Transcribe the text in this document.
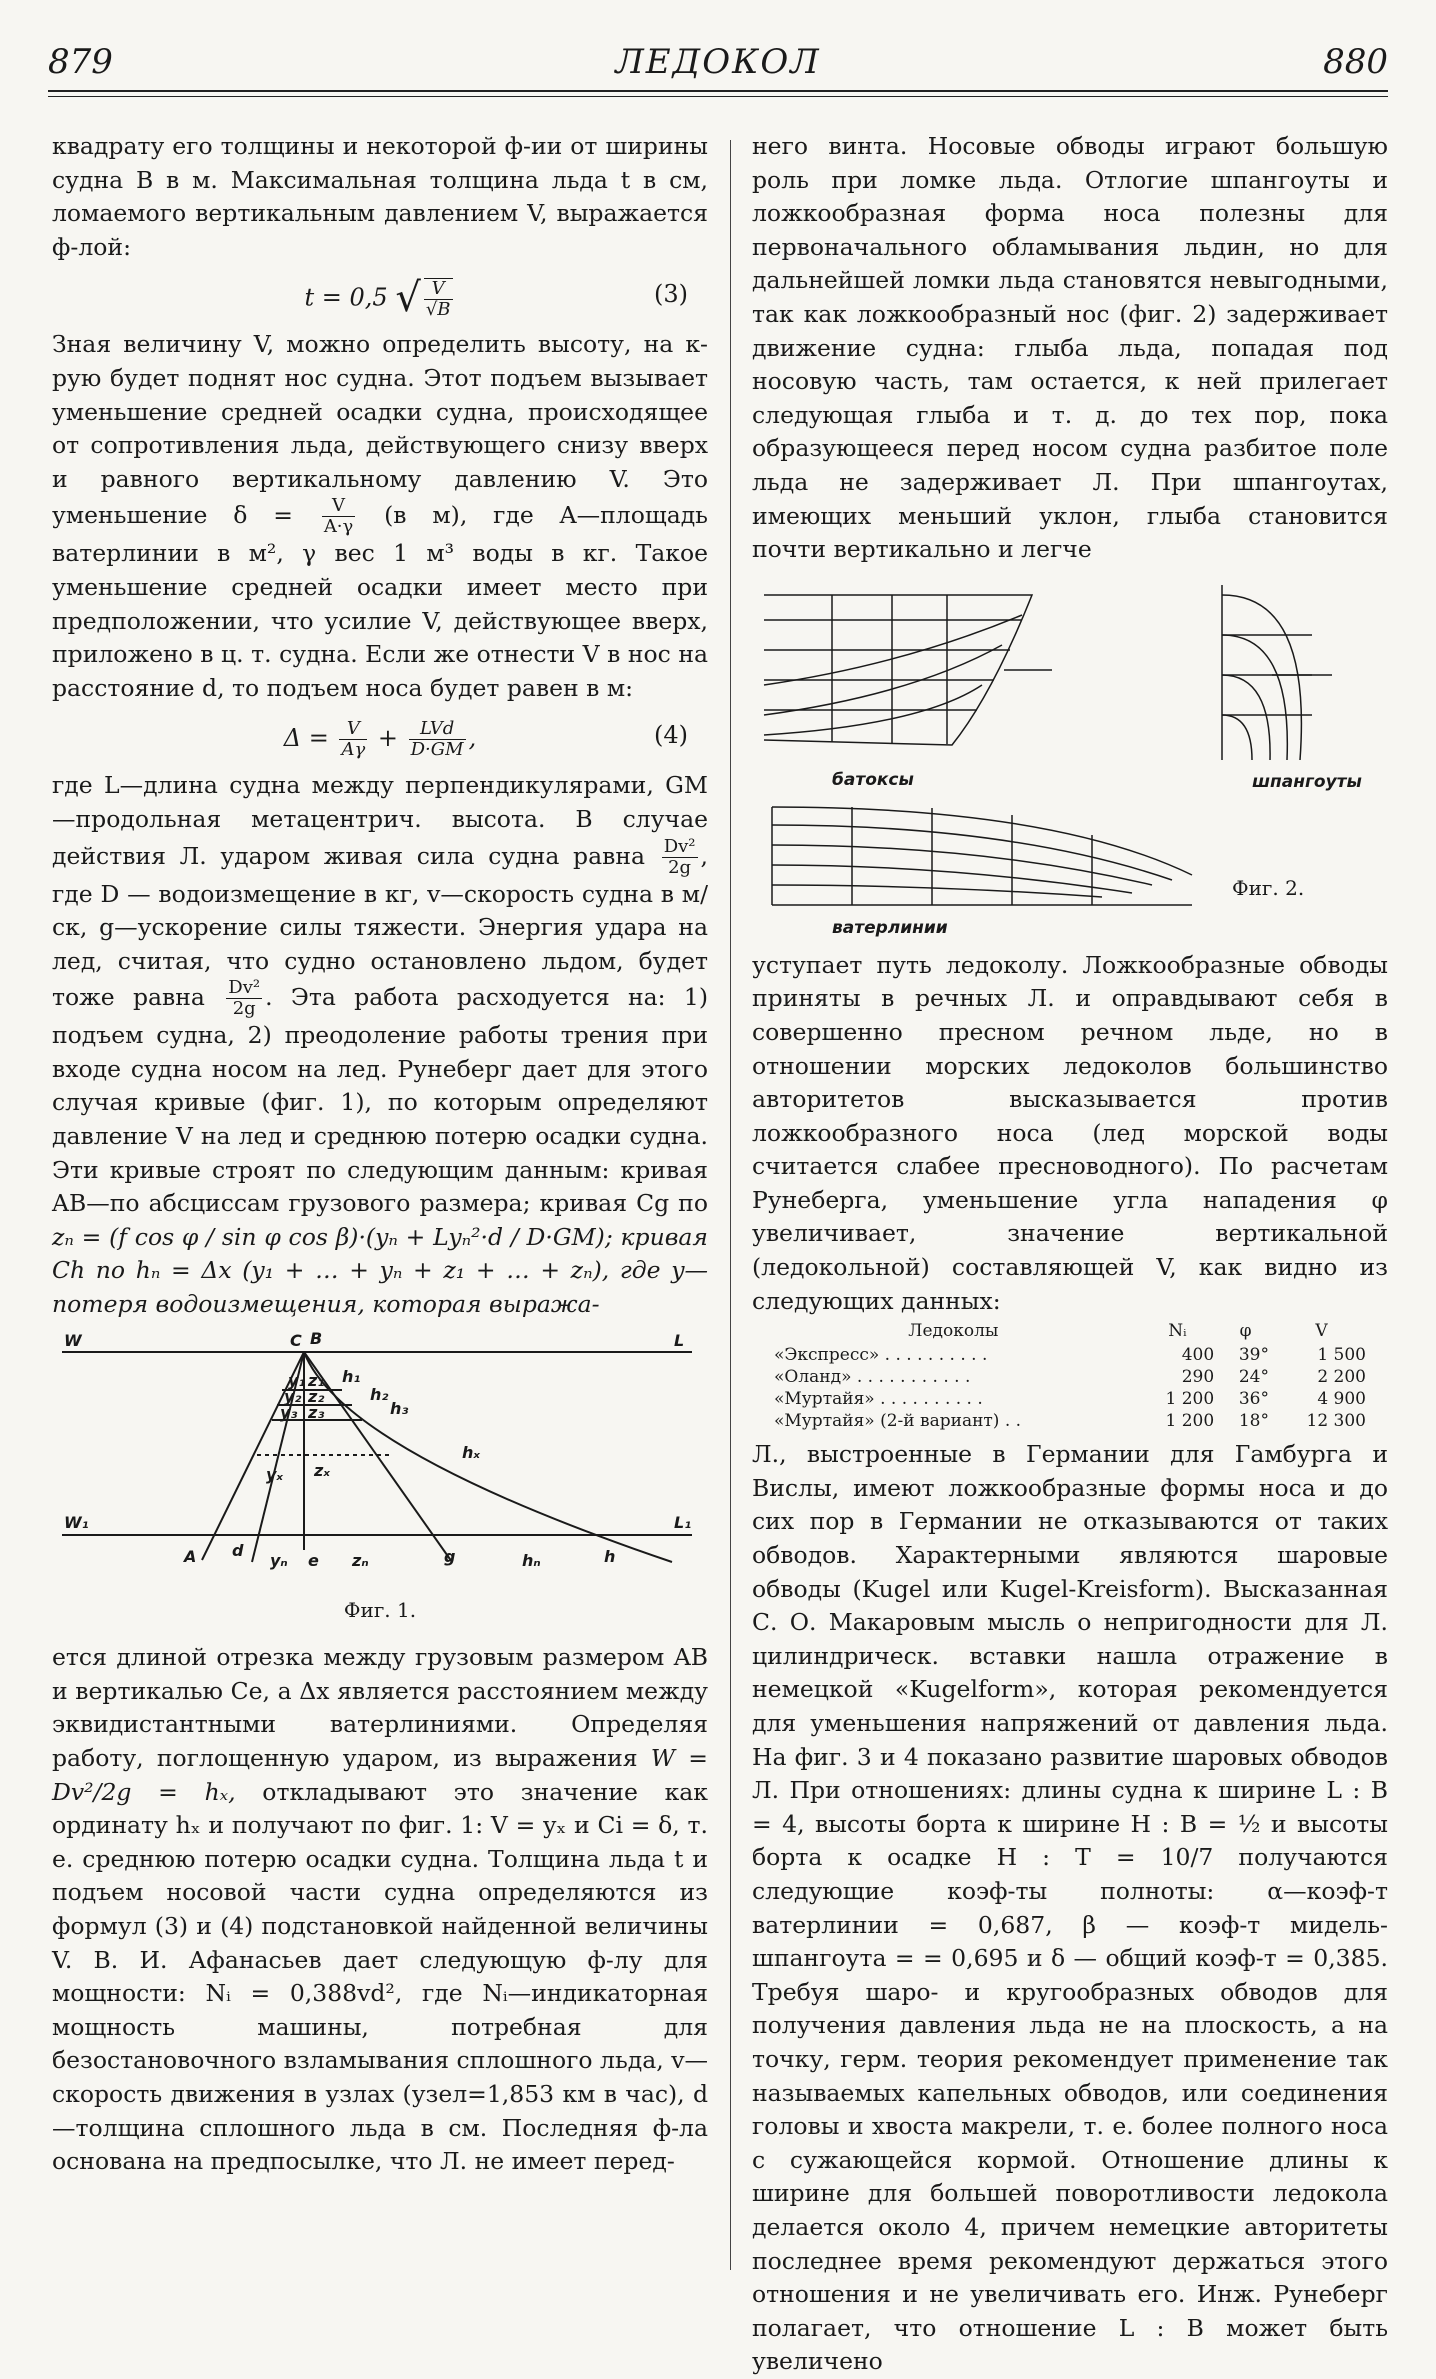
879	ЛЕДОКОЛ	880

квадрату его толщины и некоторой ф-ии от ширины судна B в м. Максимальная толщина льда t в см, ломаемого вертикальным давлением V, выражается ф-лой:

t = 0,5 √ $\frac{V}{√B}$	(3)

Зная величину V, можно определить высоту, на к-рую будет поднят нос судна. Этот подъем вызывает уменьшение средней осадки судна, происходящее от сопротивления льда, действующего снизу вверх и равного вертикальному давлению V. Это уменьшение $\delta = \frac{V}{A\cdot\gamma} (в$ м), где A—площадь ватерлинии в м², γ вес 1 м³ воды в кг. Такое уменьшение средней осадки имеет место при предположении, что усилие V, действующее вверх, приложено в ц. т. судна. Если же отнести V в нос на расстояние d, то подъем носа будет равен в м:

$\Delta = \frac{V}{A\gamma} + \frac{\text{LVd}}{D\cdot GM}$ ,	(4)

где L—длина судна между перпендикулярами, GM—продольная метацентрич. высота. В случае действия Л. ударом живая сила судна равна $\frac{\text{Dv²}}{2g}$ , где D — водоизмещение в кг, v—скорость судна в м/ск, g—ускорение силы тяжести. Энергия удара на лед, считая, что судно остановлено льдом, будет тоже равна $\frac{\text{Dv²}}{2g}$ . Эта работа расходуется на: 1) подъем судна, 2) преодоление работы трения при входе судна носом на лед. Рунеберг дает для этого случая кривые (фиг. 1), по которым определяют давление V на лед и среднюю потерю осадки судна. Эти кривые строят по следующим данным: кривая AB—по абсциссам грузового размера; кривая Cg по zₙ = (f cos φ / sin φ cos β)·(yₙ + Lyₙ²·d / D·GM); кривая Ch по hₙ = Δx (y₁ + … + yₙ + z₁ + … + zₙ), где y—потеря водоизмещения, которая выража-

W	C B	L
W₁	L₁
A d
yₙ e zₙ	g	hₙ	h
y₁ z₁ h₁
y₂ z₂	h₂
y₃ z₃	h₃
yₓ zₓ
hₓ
Фиг. 1.

ется длиной отрезка между грузовым размером AB и вертикалью Ce, а Δx является расстоянием между эквидистантными ватерлиниями. Определяя работу, поглощенную ударом, из выражения W = Dv²/2g = hₓ, откладывают это значение как ординату hₓ и получают по фиг. 1: V = yₓ и Ci = δ, т. е. среднюю потерю осадки судна. Толщина льда t и подъем носовой части судна определяются из формул (3) и (4) подстановкой найденной величины V. В. И. Афанасьев дает следующую ф-лу для мощности: Nᵢ = 0,388vd², где Nᵢ—индикаторная мощность машины, потребная для безостановочного взламывания сплошного льда, v—скорость движения в узлах (узел=1,853 км в час), d—толщина сплошного льда в см. Последняя ф-ла основана на предпосылке, что Л. не имеет перед-

него винта. Носовые обводы играют большую роль при ломке льда. Отлогие шпангоуты и ложкообразная форма носа полезны для первоначального обламывания льдин, но для дальнейшей ломки льда становятся невыгодными, так как ложкообразный нос (фиг. 2) задерживает движение судна: глыба льда, попадая под носовую часть, там остается, к ней прилегает следующая глыба и т. д. до тех пор, пока образующееся перед носом судна разбитое поле льда не задерживает Л. При шпангоутах, имеющих меньший уклон, глыба становится почти вертикально и легче

батоксы	шпангоуты
ватерлинии
Фиг. 2.

уступает путь ледоколу. Ложкообразные обводы приняты в речных Л. и оправдывают себя в совершенно пресном речном льде, но в отношении морских ледоколов большинство авторитетов высказывается против ложкообразного носа (лед морской воды считается слабее пресноводного). По расчетам Рунеберга, уменьшение угла нападения φ увеличивает, значение вертикальной (ледокольной) составляющей V, как видно из следующих данных:

Ледоколы	Nᵢ	φ	V
«Экспресс» . . . . . . . . . .	400	39°	1 500
«Оланд» . . . . . . . . . . .	290	24°	2 200
«Муртайя» . . . . . . . . . .	1 200	36°	4 900
«Муртайя» (2-й вариант) . .	1 200	18°	12 300

Л., выстроенные в Германии для Гамбурга и Вислы, имеют ложкообразные формы носа и до сих пор в Германии не отказываются от таких обводов. Характерными являются шаровые обводы (Kugel или Kugel-Kreisform). Высказанная С. О. Макаровым мысль о непригодности для Л. цилиндрическ. вставки нашла отражение в немецкой «Kugelform», которая рекомендуется для уменьшения напряжений от давления льда. На фиг. 3 и 4 показано развитие шаровых обводов Л. При отношениях: длины судна к ширине L : B = 4, высоты борта к ширине H : B = ½ и высоты борта к осадке H : T = 10/7 получаются следующие коэф-ты полноты: α—коэф-т ватерлинии = 0,687, β — коэф-т мидель-шпангоута = = 0,695 и δ — общий коэф-т = 0,385. Требуя шаро- и кругообразных обводов для получения давления льда не на плоскость, а на точку, герм. теория рекомендует применение так называемых капельных обводов, или соединения головы и хвоста макрели, т. е. более полного носа с сужающейся кормой. Отношение длины к ширине для большей поворотливости ледокола делается около 4, причем немецкие авторитеты последнее время рекомендуют держаться этого отношения и не увеличивать его. Инж. Рунеберг полагает, что отношение L : B может быть увеличено
